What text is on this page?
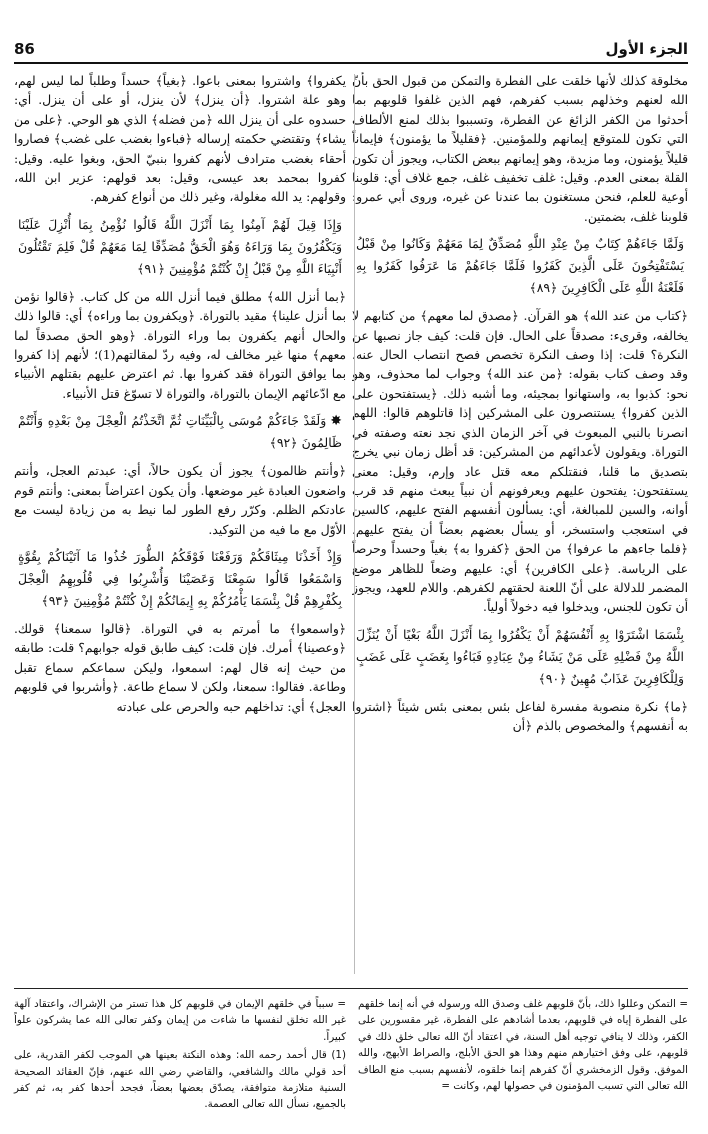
الجزء الأول
86

مخلوقة كذلك لأنها خلقت على الفطرة والتمكن من قبول الحق بأنّ الله لعنهم وخذلهم بسبب كفرهم، فهم الذين غلفوا قلوبهم بما أحدثوا من الكفر الزائغ عن الفطرة، وتسببوا بذلك لمنع الألطاف التي تكون للمتوقع إيمانهم وللمؤمنين. ﴿فقليلاً ما يؤمنون﴾ فإيماناً قليلاً يؤمنون، وما مزيدة، وهو إيمانهم ببعض الكتاب، ويجوز أن تكون القلة بمعنى العدم. وقيل: غلف تخفيف غلف، جمع غلاف أي: قلوبنا أوعية للعلم، فنحن مستغنون بما عندنا عن غيره، وروى أبي عمرو: قلوبنا غلف، بضمتين.

وَلَمَّا جَاءَهُمْ كِتَابٌ مِنْ عِنْدِ اللَّهِ مُصَدِّقٌ لِمَا مَعَهُمْ وَكَانُوا مِنْ قَبْلُ يَسْتَفْتِحُونَ عَلَى الَّذِينَ كَفَرُوا فَلَمَّا جَاءَهُمْ مَا عَرَفُوا كَفَرُوا بِهِ فَلَعْنَةُ اللَّهِ عَلَى الْكَافِرِينَ ﴿٨٩﴾

﴿كتاب من عند الله﴾ هو القرآن. ﴿مصدق لما معهم﴾ من كتابهم لا يخالفه، وقرىء: مصدقاً على الحال. فإن قلت: كيف جاز نصبها عن النكرة؟ قلت: إذا وصف النكرة تخصص فصح انتصاب الحال عنه، وقد وصف كتاب بقوله: ﴿من عند الله﴾ وجواب لما محذوف، وهو نحو: كذبوا به، واستهانوا بمجيئه، وما أشبه ذلك. ﴿يستفتحون على الذين كفروا﴾ يستنصرون على المشركين إذا قاتلوهم قالوا: اللهم انصرنا بالنبي المبعوث في آخر الزمان الذي نجد نعته وصفته في التوراة. ويقولون لأعدائهم من المشركين: قد أظل زمان نبي يخرج بتصديق ما قلنا، فنقتلكم معه قتل عاد وإرم، وقيل: معنى يستفتحون: يفتحون عليهم ويعرفونهم أن نبياً يبعث منهم قد قرب أوانه، والسين للمبالغة، أي: يسألون أنفسهم الفتح عليهم، كالسين في استعجب واستسخر، أو يسأل بعضهم بعضاً أن يفتح عليهم. ﴿فلما جاءهم ما عرفوا﴾ من الحق ﴿كفروا به﴾ بغياً وحسداً وحرصاً على الرياسة. ﴿على الكافرين﴾ أي: عليهم وضعاً للظاهر موضع المضمر للدلالة على أنّ اللعنة لحقتهم لكفرهم. واللام للعهد، ويجوز أن تكون للجنس، ويدخلوا فيه دخولاً أولياً.

بِئْسَمَا اشْتَرَوْا بِهِ أَنْفُسَهُمْ أَنْ يَكْفُرُوا بِمَا أَنْزَلَ اللَّهُ بَغْيًا أَنْ يُنَزِّلَ اللَّهُ مِنْ فَضْلِهِ عَلَى مَنْ يَشَاءُ مِنْ عِبَادِهِ فَبَاءُوا بِغَضَبٍ عَلَى غَضَبٍ وَلِلْكَافِرِينَ عَذَابٌ مُهِينٌ ﴿٩٠﴾

﴿ما﴾ نكرة منصوبة مفسرة لفاعل بئس بمعنى بئس شيئاً ﴿اشتروا به أنفسهم﴾ والمخصوص بالذم ﴿أن

يكفروا﴾ واشتروا بمعنى باعوا. ﴿بغياً﴾ حسداً وطلباً لما ليس لهم، وهو علة اشتروا. ﴿أن ينزل﴾ لأن ينزل، أو على أن ينزل. أي: حسدوه على أن ينزل الله ﴿من فضله﴾ الذي هو الوحي. ﴿على من يشاء﴾ وتقتضي حكمته إرساله ﴿فباءوا بغضب على غضب﴾ فصاروا أحقاء بغضب مترادف لأنهم كفروا بنبيّ الحق، وبغوا عليه. وقيل: كفروا بمحمد بعد عيسى، وقيل: بعد قولهم: عزير ابن الله، وقولهم: يد الله مغلولة، وغير ذلك من أنواع كفرهم.

وَإِذَا قِيلَ لَهُمْ آمِنُوا بِمَا أَنْزَلَ اللَّهُ قَالُوا نُؤْمِنُ بِمَا أُنْزِلَ عَلَيْنَا وَيَكْفُرُونَ بِمَا وَرَاءَهُ وَهُوَ الْحَقُّ مُصَدِّقًا لِمَا مَعَهُمْ قُلْ فَلِمَ تَقْتُلُونَ أَنْبِيَاءَ اللَّهِ مِنْ قَبْلُ إِنْ كُنْتُمْ مُؤْمِنِينَ ﴿٩١﴾

﴿بما أنزل الله﴾ مطلق فيما أنزل الله من كل كتاب. ﴿قالوا نؤمن بما أنزل علينا﴾ مقيد بالتوراة. ﴿ويكفرون بما وراءه﴾ أي: قالوا ذلك والحال أنهم يكفرون بما وراء التوراة. ﴿وهو الحق مصدقاً لما معهم﴾ منها غير مخالف له، وفيه ردّ لمقالتهم(1)؛ لأنهم إذا كفروا بما يوافق التوراة فقد كفروا بها. ثم اعترض عليهم بقتلهم الأنبياء مع ادّعائهم الإيمان بالتوراة، والتوراة لا تسوّغ قتل الأنبياء.

✸وَلَقَدْ جَاءَكُمْ مُوسَى بِالْبَيِّنَاتِ ثُمَّ اتَّخَذْتُمُ الْعِجْلَ مِنْ بَعْدِهِ وَأَنْتُمْ ظَالِمُونَ ﴿٩٢﴾

﴿وأنتم ظالمون﴾ يجوز أن يكون حالاً، أي: عبدتم العجل، وأنتم واضعون العبادة غير موضعها. وأن يكون اعتراضاً بمعنى: وأنتم قوم عادتكم الظلم. وكرّر رفع الطور لما نيط به من زيادة ليست مع الأوّل مع ما فيه من التوكيد.

وَإِذْ أَخَذْنَا مِيثَاقَكُمْ وَرَفَعْنَا فَوْقَكُمُ الطُّورَ خُذُوا مَا آتَيْنَاكُمْ بِقُوَّةٍ وَاسْمَعُوا قَالُوا سَمِعْنَا وَعَصَيْنَا وَأُشْرِبُوا فِي قُلُوبِهِمُ الْعِجْلَ بِكُفْرِهِمْ قُلْ بِئْسَمَا يَأْمُرُكُمْ بِهِ إِيمَانُكُمْ إِنْ كُنْتُمْ مُؤْمِنِينَ ﴿٩٣﴾

﴿واسمعوا﴾ ما أمرتم به في التوراة. ﴿قالوا سمعنا﴾ قولك. ﴿وعصينا﴾ أمرك. فإن قلت: كيف طابق قوله جوابهم؟ قلت: طابقه من حيث إنه قال لهم: اسمعوا، وليكن سماعكم سماع تقبل وطاعة. فقالوا: سمعنا، ولكن لا سماع طاعة. ﴿وأشربوا في قلوبهم العجل﴾ أي: تداخلهم حبه والحرص على عبادته

= التمكن وعللوا ذلك، بأنّ قلوبهم غلف وصدق الله ورسوله في أنه إنما خلقهم على الفطرة إياه في قلوبهم، بعدما أشادهم على الفطرة، غير مقسورين على الكفر، وذلك لا ينافي توجيه أهل السنة، في اعتقاد أنّ الله تعالى خلق ذلك في قلوبهم، على وفق اختيارهم منهم وهذا هو الحق الأبلج، والصراط الأبهج، والله الموفق. وقول الزمخشري أنّ كفرهم إنما خلقوه، لأنفسهم بسبب منع الطاف الله تعالى التي تسبب المؤمنون في حصولها لهم، وكانت =

= سبباً في خلقهم الإيمان في قلوبهم كل هذا تستر من الإشراك، واعتقاد آلهة غير الله تخلق لنفسها ما شاءت من إيمان وكفر تعالى الله عما يشركون علواً كبيراً.

(1) قال أحمد رحمه الله: وهذه النكتة بعينها هي الموجب لكفر القدرية، على أحد قولي مالك والشافعي، والقاضي رضي الله عنهم، فإنّ العقائد الصحيحة السنية متلازمة متوافقة، يصدّق بعضها بعضاً، فجحد أحدها كفر به، ثم كفر بالجميع، نسأل الله تعالى العصمة.
